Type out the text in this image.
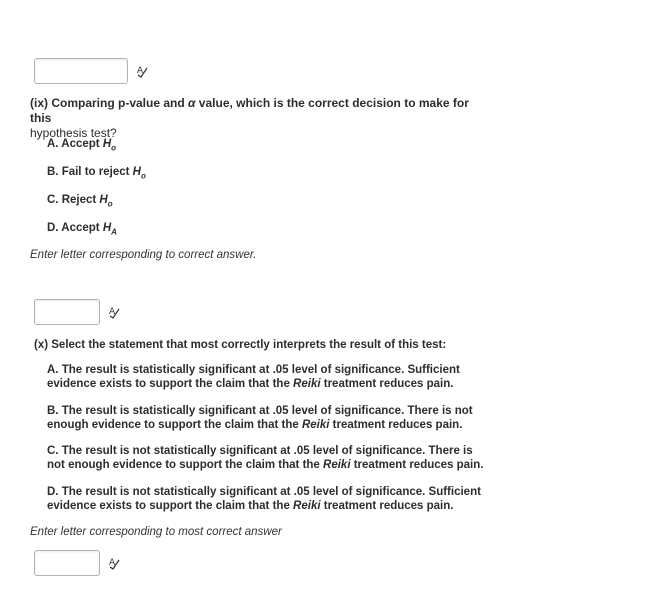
A

(ix) Comparing p-value and α value, which is the correct decision to make for this
hypothesis test?

A. Accept $H_o$

B. Fail to reject $H_o$

C. Reject $H_o$

D. Accept $H_A$

Enter letter corresponding to correct answer.

A

(x) Select the statement that most correctly interprets the result of this test:

A. The result is statistically significant at .05 level of significance. Sufficient
evidence exists to support the claim that the Reiki treatment reduces pain.

B. The result is statistically significant at .05 level of significance. There is not
enough evidence to support the claim that the Reiki treatment reduces pain.

C. The result is not statistically significant at .05 level of significance. There is
not enough evidence to support the claim that the Reiki treatment reduces pain.

D. The result is not statistically significant at .05 level of significance. Sufficient
evidence exists to support the claim that the Reiki treatment reduces pain.

Enter letter corresponding to most correct answer

A
